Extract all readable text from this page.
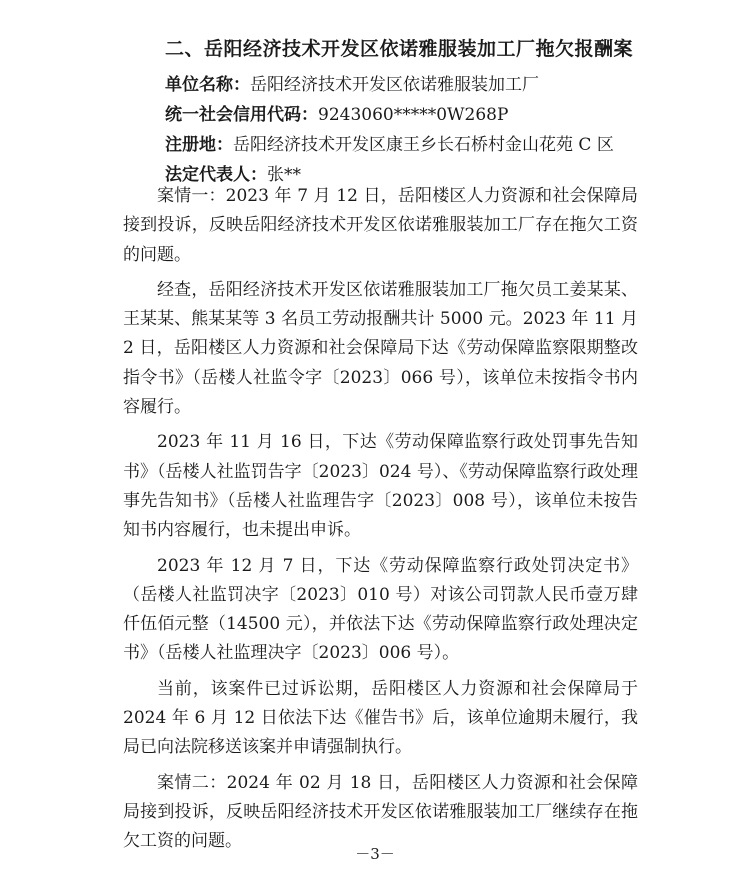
二、岳阳经济技术开发区依诺雅服装加工厂拖欠报酬案
单位名称：岳阳经济技术开发区依诺雅服装加工厂
统一社会信用代码：9243060*****0W268P
注册地：岳阳经济技术开发区康王乡长石桥村金山花苑 C 区
法定代表人：张**

案情一：2023 年 7 月 12 日，岳阳楼区人力资源和社会保障局接到投诉，反映岳阳经济技术开发区依诺雅服装加工厂存在拖欠工资的问题。

经查，岳阳经济技术开发区依诺雅服装加工厂拖欠员工姜某某、王某某、熊某某等 3 名员工劳动报酬共计 5000 元。2023 年 11 月 2 日，岳阳楼区人力资源和社会保障局下达《劳动保障监察限期整改指令书》（岳楼人社监令字〔2023〕066 号），该单位未按指令书内容履行。

2023 年 11 月 16 日，下达《劳动保障监察行政处罚事先告知书》（岳楼人社监罚告字〔2023〕024 号）、《劳动保障监察行政处理事先告知书》（岳楼人社监理告字〔2023〕008 号），该单位未按告知书内容履行，也未提出申诉。

2023 年 12 月 7 日，下达《劳动保障监察行政处罚决定书》（岳楼人社监罚决字〔2023〕010 号）对该公司罚款人民币壹万肆仟伍佰元整（14500 元），并依法下达《劳动保障监察行政处理决定书》（岳楼人社监理决字〔2023〕006 号）。

当前，该案件已过诉讼期，岳阳楼区人力资源和社会保障局于 2024 年 6 月 12 日依法下达《催告书》后，该单位逾期未履行，我局已向法院移送该案并申请强制执行。

案情二：2024 年 02 月 18 日，岳阳楼区人力资源和社会保障局接到投诉，反映岳阳经济技术开发区依诺雅服装加工厂继续存在拖欠工资的问题。

－3－
